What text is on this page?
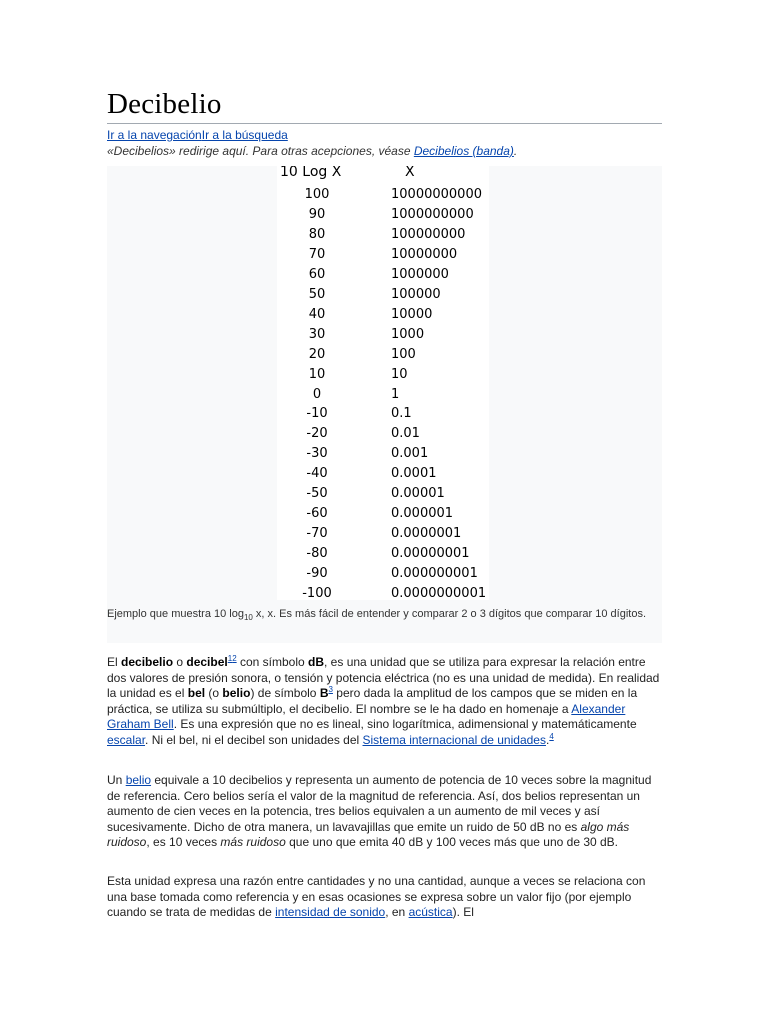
Decibelio
Ir a la navegaciónIr a la búsqueda
«Decibelios» redirige aquí. Para otras acepciones, véase Decibelios (banda).
10 Log X	X
100	10000000000
90	1000000000
80	100000000
70	10000000
60	1000000
50	100000
40	10000
30	1000
20	100
10	10
0	1
-10	0.1
-20	0.01
-30	0.001
-40	0.0001
-50	0.00001
-60	0.000001
-70	0.0000001
-80	0.00000001
-90	0.000000001
-100	0.0000000001
Ejemplo que muestra 10 $\log_{10} x$, x. Es más fácil de entender y comparar 2 o 3 dígitos que comparar 10 dígitos.

El decibelio o decibel$^{12}$ con símbolo dB, es una unidad que se utiliza para expresar la relación entre dos valores de presión sonora, o tensión y potencia eléctrica (no es una unidad de medida). En realidad la unidad es el bel (o belio) de símbolo B$^3$ pero dada la amplitud de los campos que se miden en la práctica, se utiliza su submúltiplo, el decibelio. El nombre se le ha dado en homenaje a Alexander Graham Bell. Es una expresión que no es lineal, sino logarítmica, adimensional y matemáticamente escalar. Ni el bel, ni el decibel son unidades del Sistema internacional de unidades.$^4$

Un belio equivale a 10 decibelios y representa un aumento de potencia de 10 veces sobre la magnitud de referencia. Cero belios sería el valor de la magnitud de referencia. Así, dos belios representan un aumento de cien veces en la potencia, tres belios equivalen a un aumento de mil veces y así sucesivamente. Dicho de otra manera, un lavavajillas que emite un ruido de 50 dB no es algo más ruidoso, es 10 veces más ruidoso que uno que emita 40 dB y 100 veces más que uno de 30 dB.

Esta unidad expresa una razón entre cantidades y no una cantidad, aunque a veces se relaciona con una base tomada como referencia y en esas ocasiones se expresa sobre un valor fijo (por ejemplo cuando se trata de medidas de intensidad de sonido, en acústica). El
